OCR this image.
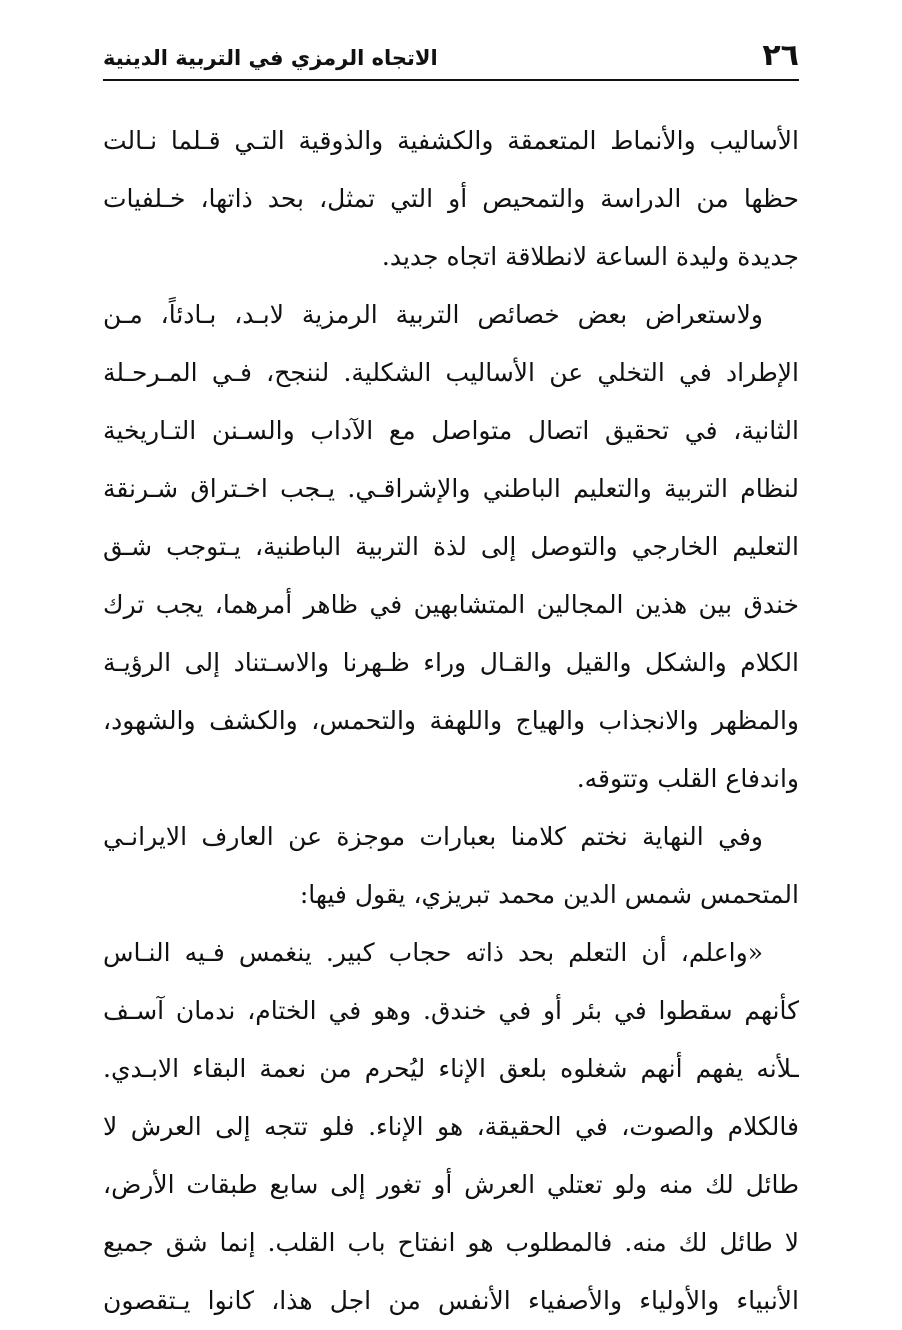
٢٦
الاتجاه الرمزي في التربية الدينية
الأساليب والأنماط المتعمقة والكشفية والذوقية التـي قـلما نـالت
حظها من الدراسة والتمحيص أو التي تمثل، بحد ذاتها، خـلفيات
جديدة وليدة الساعة لانطلاقة اتجاه جديد.
ولاستعراض بعض خصائص التربية الرمزية لابـد، بـادئاً، مـن
الإطراد في التخلي عن الأساليب الشكلية. لننجح، فـي المـرحـلة
الثانية، في تحقيق اتصال متواصل مع الآداب والسـنن التـاريخية
لنظام التربية والتعليم الباطني والإشراقـي. يـجب اخـتراق شـرنقة
التعليم الخارجي والتوصل إلى لذة التربية الباطنية، يـتوجب شـق
خندق بين هذين المجالين المتشابهين في ظاهر أمرهما، يجب ترك
الكلام والشكل والقيل والقـال وراء ظـهرنا والاسـتناد إلى الرؤيـة
والمظهر والانجذاب والهياج واللهفة والتحمس، والكشف والشهود،
واندفاع القلب وتتوقه.
وفي النهاية نختم كلامنا بعبارات موجزة عن العارف الايرانـي
المتحمس شمس الدين محمد تبريزي، يقول فيها:
«واعلم، أن التعلم بحد ذاته حجاب كبير. ينغمس فـيه النـاس
كأنهم سقطوا في بئر أو في خندق. وهو في الختام، ندمان آسـف
ـلأنه يفهم أنهم شغلوه بلعق الإناء ليُحرم من نعمة البقاء الابـدي.
فالكلام والصوت، في الحقيقة، هو الإناء. فلو تتجه إلى العرش لا
طائل لك منه ولو تعتلي العرش أو تغور إلى سابع طبقات الأرض،
لا طائل لك منه. فالمطلوب هو انفتاح باب القلب. إنما شق جميع
الأنبياء والأولياء والأصفياء الأنفس من اجل هذا، كانوا يـتقصون
